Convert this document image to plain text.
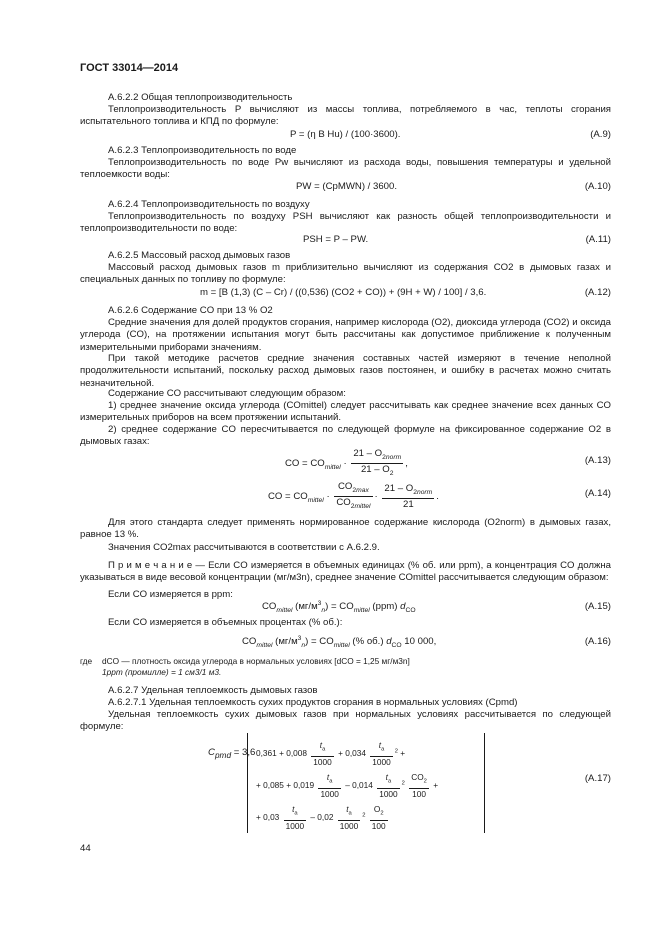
ГОСТ 33014—2014
А.6.2.2 Общая теплопроизводительность
Теплопроизводительность P вычисляют из массы топлива, потребляемого в час, теплоты сгорания испытательного топлива и КПД по формуле:
P = (η B Hu) / (100·3600).	(А.9)
А.6.2.3 Теплопроизводительность по воде
Теплопроизводительность по воде Pw вычисляют из расхода воды, повышения температуры и удельной теплоемкости воды:
PW = (CpMWN) / 3600.	(А.10)
А.6.2.4 Теплопроизводительность по воздуху
Теплопроизводительность по воздуху PSH вычисляют как разность общей теплопроизводительности и теплопроизводительности по воде:
PSH = P – PW.	(А.11)
А.6.2.5 Массовый расход дымовых газов
Массовый расход дымовых газов m приблизительно вычисляют из содержания CO2 в дымовых газах и специальных данных по топливу по формуле:
m = [B (1,3) (C – Cr) / ((0,536) (CO2 + CO)) + (9H + W) / 100] / 3,6.	(А.12)
А.6.2.6 Содержание CO при 13 % O2
Средние значения для долей продуктов сгорания, например кислорода (O2), диоксида углерода (CO2) и оксида углерода (CO), на протяжении испытания могут быть рассчитаны как допустимое приближение к полученным измерительными приборами значениям.
При такой методике расчетов средние значения составных частей измеряют в течение неполной продолжительности испытаний, поскольку расход дымовых газов постоянен, и ошибку в расчетах можно считать незначительной.
Содержание CO рассчитывают следующим образом:
1) среднее значение оксида углерода (COmittel) следует рассчитывать как среднее значение всех данных CO измерительных приборов на всем протяжении испытаний.
2) среднее содержание CO пересчитывается по следующей формуле на фиксированное содержание O2 в дымовых газах:
CO = $CO_{mittel} \cdot \frac{21 - O_{2norm}}{21 - O_2}$ ,	(А.13)
CO = $CO_{mittel} \cdot \frac{CO_{2max}}{CO_{2mittel}} \cdot \frac{21 - O_{2norm}}{21}$ .	(А.14)
Для этого стандарта следует применять нормированное содержание кислорода (O2norm) в дымовых газах, равное 13 %.
Значения CO2max рассчитываются в соответствии с А.6.2.9.
П р и м е ч а н и е — Если CO измеряется в объемных единицах (% об. или ppm), а концентрация CO должна указываться в виде весовой концентрации (мг/м3n), среднее значение COmittel рассчитывается следующим образом:
Если CO измеряется в ppm:
$CO_{mittel}$ $(мг/м^3_n) = CO_{mittel}$ (ppm) $d_{CO}$	(А.15)
Если CO измеряется в объемных процентах (% об.):
$CO_{mittel}$ $(мг/м^3_n) = CO_{mittel}$ (% об.) $d_{CO}$ 10 000,	(А.16)
где dCO — плотность оксида углерода в нормальных условиях [dCO = 1,25 мг/м3n]
1ppm (промилле) = 1 см3/1 м3.
А.6.2.7 Удельная теплоемкость дымовых газов
А.6.2.7.1 Удельная теплоемкость сухих продуктов сгорания в нормальных условиях (Cpmd)
Удельная теплоемкость сухих дымовых газов при нормальных условиях рассчитывается по следующей формуле:
$C_{pmd} = 3,6$ $0,361 + 0,008 \frac{t_a}{1000} + 0,034 \frac{t_a}{1000} ^2$ +
+ $0,085 + 0,019 \frac{t_a}{1000} - 0,014 \frac{t_a}{1000} ^2 \frac{CO_2}{100}$ +
+ $0,03 \frac{t_a}{1000} - 0,02 \frac{t_a}{1000} ^2 \frac{O_2}{100}$
(А.17)
44
